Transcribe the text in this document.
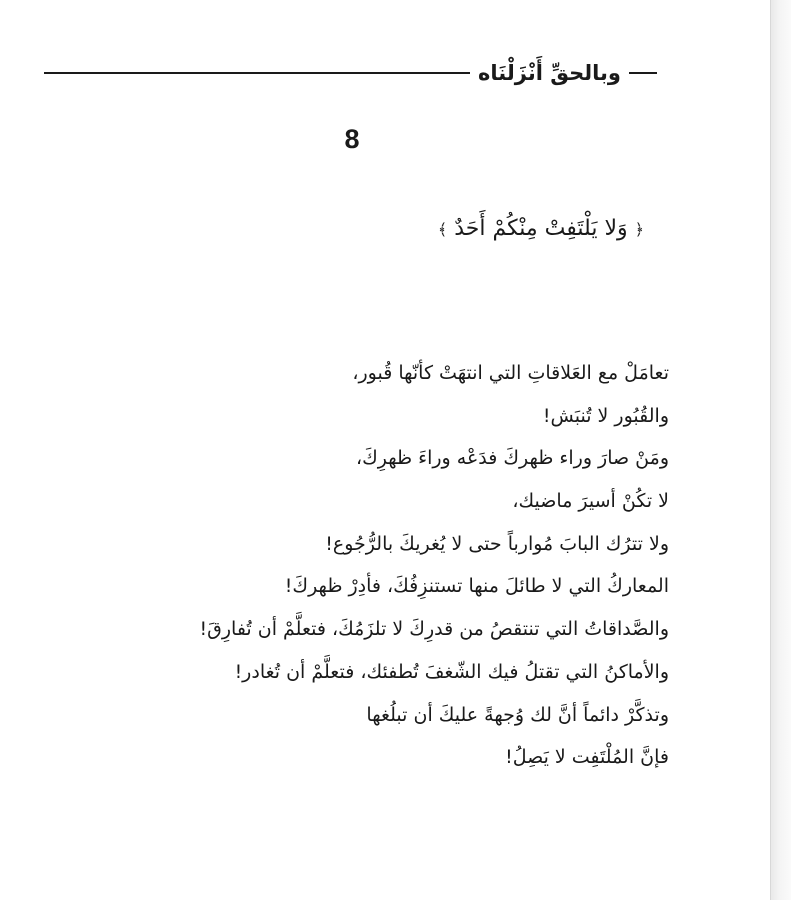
وبالحقِّ أَنْزَلْنَاه
8
﴿ وَلا يَلْتَفِتْ مِنْكُمْ أَحَدٌ ﴾
تعامَلْ مع العَلاقاتِ التي انتهَتْ كأنّها قُبور،
والقُبُور لا تُنبَش!
ومَنْ صارَ وراء ظهركَ فدَعْه وراءَ ظهرِكَ،
لا تكُنْ أسيرَ ماضيك،
ولا تترُك البابَ مُوارباً حتى لا يُغريكَ بالرُّجُوع!
المعاركُ التي لا طائلَ منها تستنزِفُكَ، فأدِرْ ظهركَ!
والصَّداقاتُ التي تنتقصُ من قدرِكَ لا تلزَمُكَ، فتعلَّمْ أن تُفارِقَ!
والأماكنُ التي تقتلُ فيك الشّغفَ تُطفئك، فتعلَّمْ أن تُغادر!
وتذكَّرْ دائماً أنَّ لك وُجهةً عليكَ أن تبلُغها
فإنَّ المُلْتَفِت لا يَصِلُ!
